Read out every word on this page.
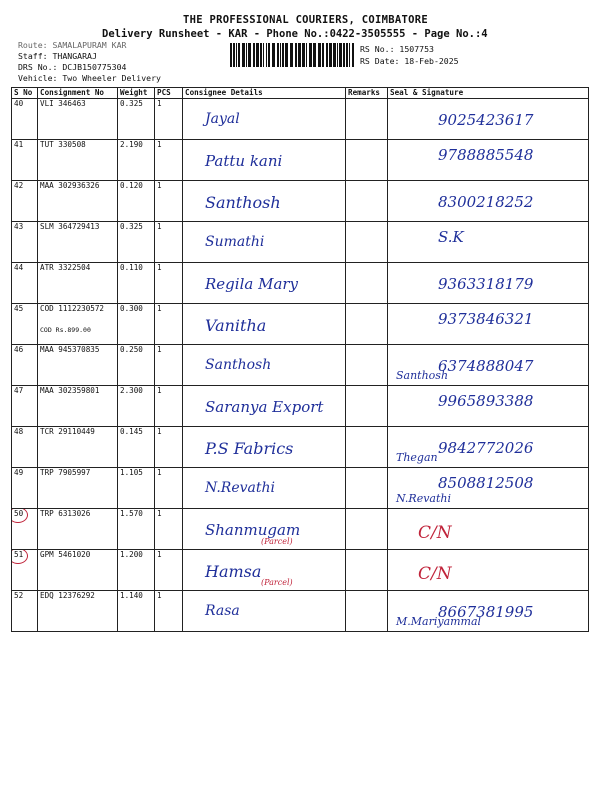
THE PROFESSIONAL COURIERS, COIMBATORE
Delivery Runsheet - KAR - Phone No.:0422-3505555 - Page No.:4
Route: SAMALAPURAM KAR
Staff: THANGARAJ
DRS No.: DCJB150775304
Vehicle: Two Wheeler Delivery
RS No.: 1507753
RS Date: 18-Feb-2025
S No	Consignment No	Weight	PCS	Consignee Details	Remarks	Seal & Signature
40	VLI 346463	0.325	1	Jayal		9025423617

41	TUT 330508	2.190	1	Pattu kani		9788885548

42	MAA 302936326	0.120	1	Santhosh		8300218252

43	SLM 364729413	0.325	1	Sumathi		S.K

44	ATR 3322504	0.110	1	Regila Mary		9363318179

45	COD 1112230572
COD Rs.899.00	0.300	1	Vanitha		9373846321

46	MAA 945370835	0.250	1	Santhosh		Santhosh
6374888047

47	MAA 302359801	2.300	1	Saranya Export		9965893388

48	TCR 29110449	0.145	1	P.S Fabrics		Thegan
9842772026

49	TRP 7905997	1.105	1	N.Revathi		N.Revathi
8508812508

50	TRP 6313026	1.570	1	Shanmugam
(Parcel)		C/N

51	GPM 5461020	1.200	1	Hamsa
(Parcel)		C/N

52	EDQ 12376292	1.140	1	Rasa		M.Mariyammal
8667381995
